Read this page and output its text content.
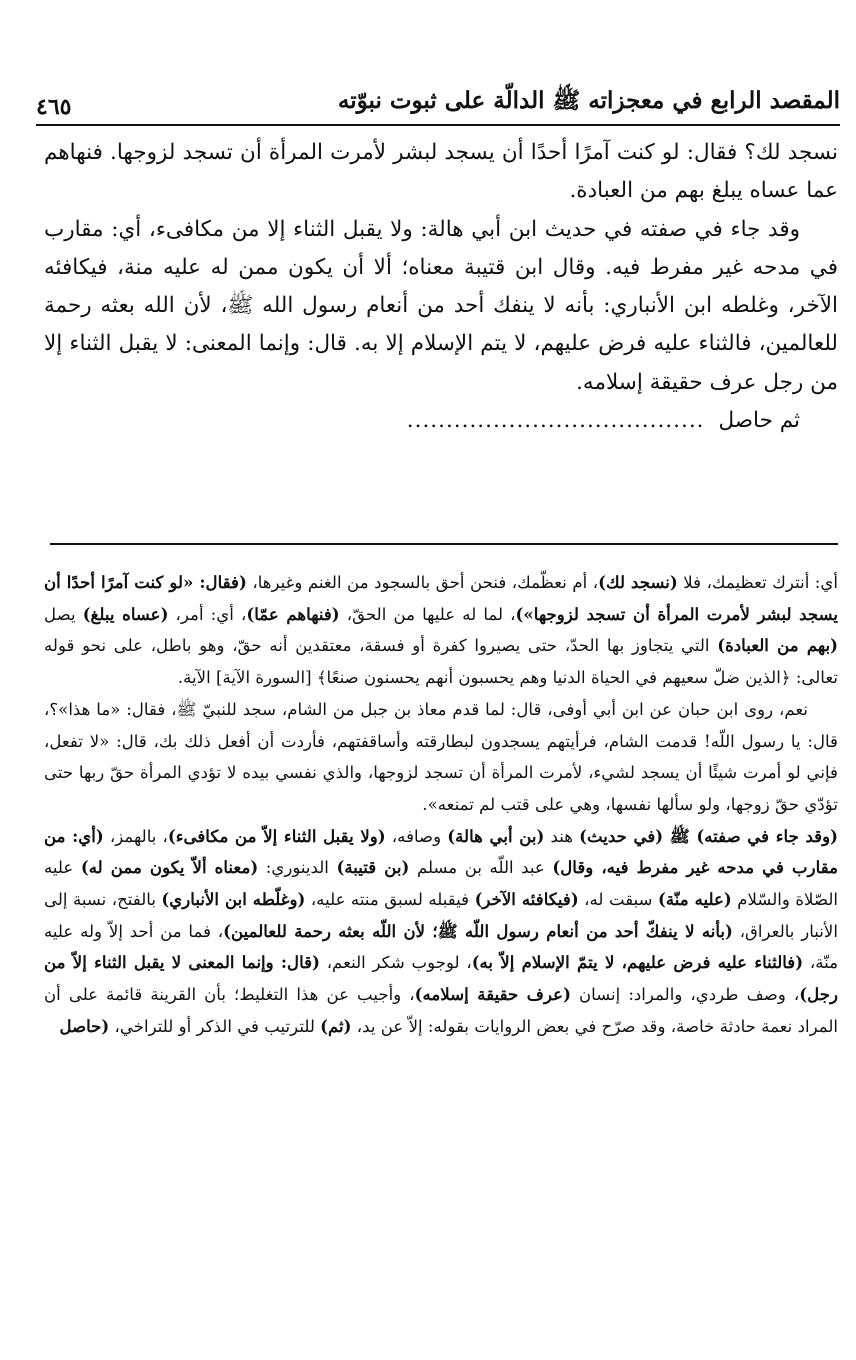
المقصد الرابع في معجزاته ﷺ الدالّة على ثبوت نبوّته
٤٦٥

نسجد لك؟ فقال: لو كنت آمرًا أحدًا أن يسجد لبشر لأمرت المرأة أن تسجد لزوجها. فنهاهم عما عساه يبلغ بهم من العبادة.

وقد جاء في صفته في حديث ابن أبي هالة: ولا يقبل الثناء إلا من مكافىء، أي: مقارب في مدحه غير مفرط فيه. وقال ابن قتيبة معناه؛ ألا أن يكون ممن له عليه منة، فيكافئه الآخر، وغلطه ابن الأنباري: بأنه لا ينفك أحد من أنعام رسول الله ﷺ، لأن الله بعثه رحمة للعالمين، فالثناء عليه فرض عليهم، لا يتم الإسلام إلا به. قال: وإنما المعنى: لا يقبل الثناء إلا من رجل عرف حقيقة إسلامه.

ثم حاصل
......................................

أي: أنترك تعظيمك، فلا (نسجد لك)، أم نعظّمك، فنحن أحق بالسجود من الغنم وغيرها، (فقال: «لو كنت آمرًا أحدًا أن يسجد لبشر لأمرت المرأة أن تسجد لزوجها»)، لما له عليها من الحقّ، (فنهاهم عمّا)، أي: أمر، (عساه يبلغ) يصل (بهم من العبادة) التي يتجاوز بها الحدّ، حتى يصيروا كفرة أو فسقة، معتقدين أنه حقّ، وهو باطل، على نحو قوله تعالى: ﴿الذين ضلّ سعيهم في الحياة الدنيا وهم يحسبون أنهم يحسنون صنعًا﴾ [السورة الآية] الآية.

نعم، روى ابن حبان عن ابن أبي أوفى، قال: لما قدم معاذ بن جبل من الشام، سجد للنبيّ ﷺ، فقال: «ما هذا»؟، قال: يا رسول اللّه! قدمت الشام، فرأيتهم يسجدون لبطارقته وأساقفتهم، فأردت أن أفعل ذلك بك، قال: «لا تفعل، فإني لو أمرت شيئًا أن يسجد لشيء، لأمرت المرأة أن تسجد لزوجها، والذي نفسي بيده لا تؤدي المرأة حقّ ربها حتى تؤدّي حقّ زوجها، ولو سألها نفسها، وهي على قتب لم تمنعه».

(وقد جاء في صفته) ﷺ (في حديث) هند (بن أبي هالة) وصافه، (ولا يقبل الثناء إلاّ من مكافىء)، بالهمز، (أي: من مقارب في مدحه غير مفرط فيه، وقال) عبد اللّه بن مسلم (بن قتيبة) الدينوري: (معناه ألاّ يكون ممن له) عليه الصّلاة والسّلام (عليه منّة) سبقت له، (فيكافئه الآخر) فيقبله لسبق منته عليه، (وغلّطه ابن الأنباري) بالفتح، نسبة إلى الأنبار بالعراق، (بأنه لا ينفكّ أحد من أنعام رسول اللّه ﷺ؛ لأن اللّه بعثه رحمة للعالمين)، فما من أحد إلاّ وله عليه منّة، (فالثناء عليه فرض عليهم، لا يتمّ الإسلام إلاّ به)، لوجوب شكر النعم، (قال: وإنما المعنى لا يقبل الثناء إلاّ من رجل)، وصف طردي، والمراد: إنسان (عرف حقيقة إسلامه)، وأجيب عن هذا التغليط؛ بأن القرينة قائمة على أن المراد نعمة حادثة خاصة، وقد صرّح في بعض الروايات بقوله: إلاّ عن يد، (ثم) للترتيب في الذكر أو للتراخي، (حاصل
